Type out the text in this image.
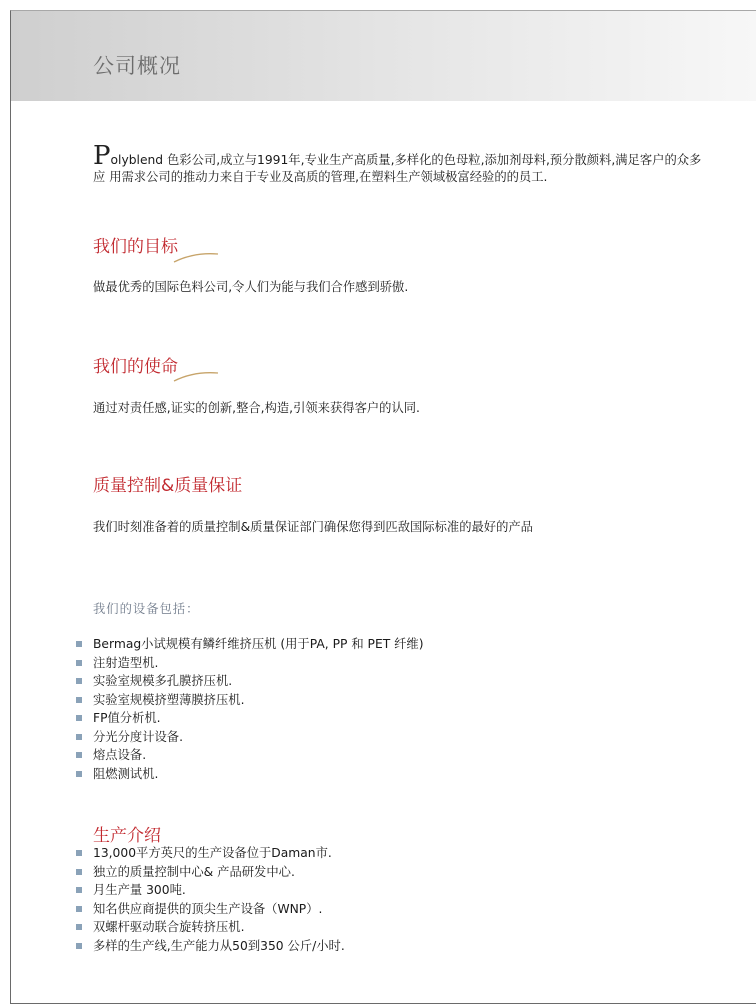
公司概况
Polyblend 色彩公司,成立与1991年,专业生产高质量,多样化的色母粒,添加剂母料,预分散颜料,满足客户的众多应 用需求公司的推动力来自于专业及高质的管理,在塑料生产领域极富经验的的员工.
我们的目标
做最优秀的国际色料公司,令人们为能与我们合作感到骄傲.
我们的使命
通过对责任感,证实的创新,整合,构造,引领来获得客户的认同.
质量控制&质量保证
我们时刻准备着的质量控制&质量保证部门确保您得到匹敌国际标准的最好的产品
我们的设备包括：
Bermag小试规模有鳞纤维挤压机 (用于PA, PP 和 PET 纤维)
注射造型机.
实验室规模多孔膜挤压机.
实验室规模挤塑薄膜挤压机.
FP值分析机.
分光分度计设备.
熔点设备.
阻燃测试机.
生产介绍
13,000平方英尺的生产设备位于Daman市.
独立的质量控制中心& 产品研发中心.
月生产量 300吨.
知名供应商提供的顶尖生产设备（WNP）.
双螺杆驱动联合旋转挤压机.
多样的生产线,生产能力从50到350 公斤/小时.
